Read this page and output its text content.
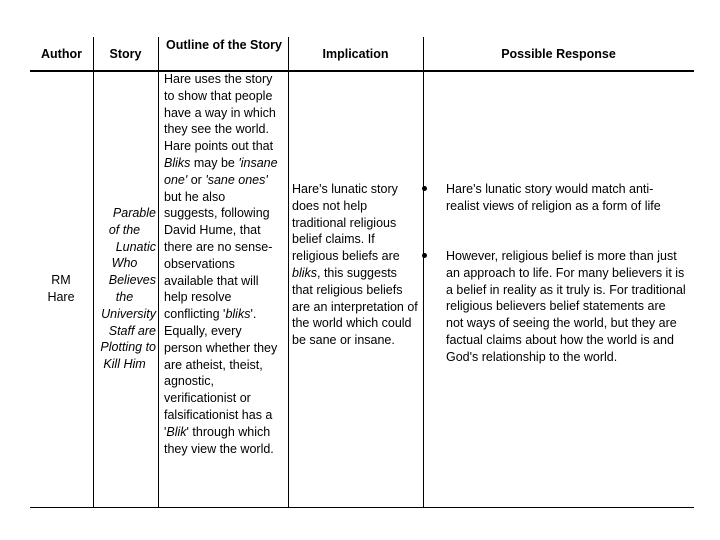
Author	Story
Outline of the Story
Implication	Possible Response
RM Hare
Parable
of the
Lunatic
Who
Believes
the
University
Staff are
Plotting to
Kill Him
Hare uses the story to show that people have a way in which they see the world. Hare points out that Bliks may be 'insane one' or 'sane ones' but he also suggests, following David Hume, that there are no sense-observations available that will help resolve conflicting 'bliks'. Equally, every person whether they are atheist, theist, agnostic, verificationist or falsificationist has a 'Blik' through which they view the world.
Hare's lunatic story does not help traditional religious belief claims. If religious beliefs are bliks, this suggests that religious beliefs are an interpretation of the world which could be sane or insane.
Hare's lunatic story would match anti-realist views of religion as a form of life
However, religious belief is more than just an approach to life. For many believers it is a belief in reality as it truly is. For traditional religious believers belief statements are not ways of seeing the world, but they are factual claims about how the world is and God's relationship to the world.
